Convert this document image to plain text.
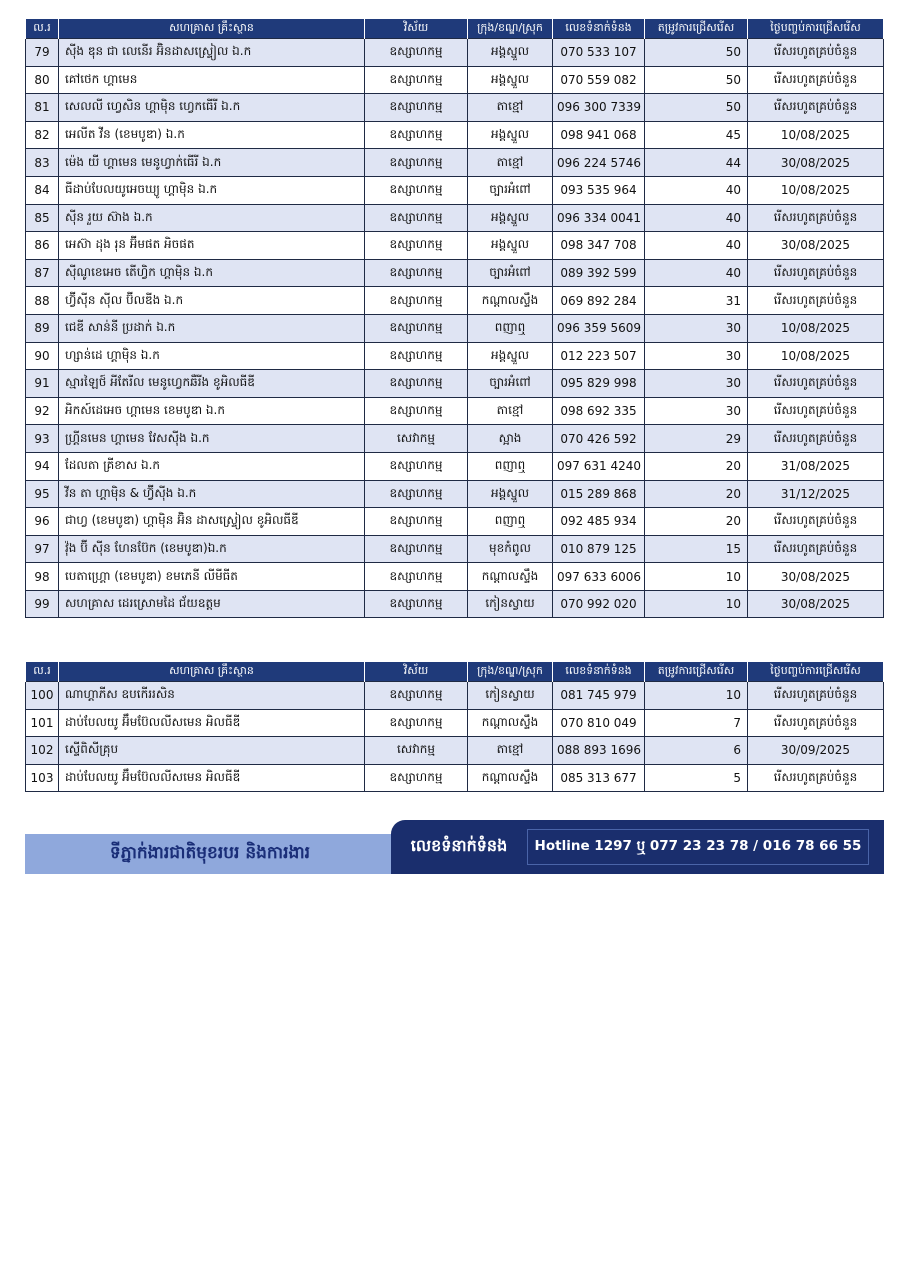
ល.រ	សហគ្រាស គ្រឹះស្ថាន	វិស័យ	ក្រុង/ខណ្ឌ/ស្រុក	លេខទំនាក់ទំនង	តម្រូវការជ្រើសរើស	ថ្ងៃបញ្ចប់ការជ្រើសរើស
79	ស៊ីង ឌុន ជា លេនើរ អ៊ិនដាសស្ទ្រៀល ឯ.ក	ឧស្សាហកម្ម	អង្គស្នួល	070 533 107	50	រើសរហូតគ្រប់ចំនួន
80	គៅថេក ហ្គាមេន	ឧស្សាហកម្ម	អង្គស្នួល	070 559 082	50	រើសរហូតគ្រប់ចំនួន
81	សេលលី ហ្វេសិន ហ្គាម៉ិន ហ្វេកធើរី ឯ.ក	ឧស្សាហកម្ម	តាខ្មៅ	096 300 7339	50	រើសរហូតគ្រប់ចំនួន
82	អេលីត វីន (ខេមបូឌា) ឯ.ក	ឧស្សាហកម្ម	អង្គស្នួល	098 941 068	45	10/08/2025
83	ម៉េង យី ហ្គាមេន មេនូហ្វាក់ធើរី ឯ.ក	ឧស្សាហកម្ម	តាខ្មៅ	096 224 5746	44	30/08/2025
84	ធីដាប់បែលយូអេចឃ្យូ ហ្គាម៉ិន ឯ.ក	ឧស្សាហកម្ម	ច្បារអំពៅ	093 535 964	40	10/08/2025
85	ស៊ីន រួយ ស៊ាង ឯ.ក	ឧស្សាហកម្ម	អង្គស្នួល	096 334 0041	40	រើសរហូតគ្រប់ចំនួន
86	អេស៊ា ដុង រុន អ៊ីមផត អិចផត	ឧស្សាហកម្ម	អង្គស្នួល	098 347 708	40	30/08/2025
87	ស៊ីណូខេអេច តើហ្វិក ហ្គាម៉ិន ឯ.ក	ឧស្សាហកម្ម	ច្បារអំពៅ	089 392 599	40	រើសរហូតគ្រប់ចំនួន
88	ហ្វ៊ីស៊ីន ស៊ីល ប៊ីលឌីង ឯ.ក	ឧស្សាហកម្ម	កណ្ដាលស្ទឹង	069 892 284	31	រើសរហូតគ្រប់ចំនួន
89	ជេឌី សាន់នី ប្រដាក់ ឯ.ក	ឧស្សាហកម្ម	ពញាឮ	096 359 5609	30	10/08/2025
90	ហ្សាន់ដេ ហ្គាម៉ិន ឯ.ក	ឧស្សាហកម្ម	អង្គស្នួល	012 223 507	30	10/08/2025
91	ស្មារឡៃថ៍ អីតែរីល មេនូហ្វេកឆឺរីង ខូអិលធីឌី	ឧស្សាហកម្ម	ច្បារអំពៅ	095 829 998	30	រើសរហូតគ្រប់ចំនួន
92	អិកស៍ដេអេច ហ្គាមេន ខេមបូឌា ឯ.ក	ឧស្សាហកម្ម	តាខ្មៅ	098 692 335	30	រើសរហូតគ្រប់ចំនួន
93	ហ្គ្រីនមេន ហ្គាមេន វែសស៊ីង ឯ.ក	សេវាកម្ម	ស្អាង	070 426 592	29	រើសរហូតគ្រប់ចំនួន
94	ដែលតា គ្រីខាស ឯ.ក	ឧស្សាហកម្ម	ពញាឮ	097 631 4240	20	31/08/2025
95	វីន តា ហ្គាម៉ិន & ហ្វ៊ីស៊ីង ឯ.ក	ឧស្សាហកម្ម	អង្គស្នួល	015 289 868	20	31/12/2025
96	ជាហ្វ (ខេមបូឌា) ហ្គាម៉ិន អ៊ិន ដាសស្ទ្រៀល ខូអិលធីឌី	ឧស្សាហកម្ម	ពញាឮ	092 485 934	20	រើសរហូតគ្រប់ចំនួន
97	វ៉ុង ប៊ី ស៊ីន ហែនប៊ែក (ខេមបូឌា)ឯ.ក	ឧស្សាហកម្ម	មុខកំពូល	010 879 125	15	រើសរហូតគ្រប់ចំនួន
98	បេតាហ្គ្រោ (ខេមបូឌា) ខមភេនី លីមីធីត	ឧស្សាហកម្ម	កណ្ដាលស្ទឹង	097 633 6006	10	30/08/2025
99	សហគ្រាស ដេរស្រោមដៃ ជ័យឧត្តម	ឧស្សាហកម្ម	កៀនស្វាយ	070 992 020	10	30/08/2025
ល.រ	សហគ្រាស គ្រឹះស្ថាន	វិស័យ	ក្រុង/ខណ្ឌ/ស្រុក	លេខទំនាក់ទំនង	តម្រូវការជ្រើសរើស	ថ្ងៃបញ្ចប់ការជ្រើសរើស
100	ណាហ្គាភីស ឧបកើររសិន	ឧស្សាហកម្ម	កៀនស្វាយ	081 745 979	10	រើសរហូតគ្រប់ចំនួន
101	ដាប់បែលយូ អ៊ឹមប៊ែលលីសមេន អិលធីឌី	ឧស្សាហកម្ម	កណ្ដាលស្ទឹង	070 810 049	7	រើសរហូតគ្រប់ចំនួន
102	ស្ទើពិសីគ្រុប	សេវាកម្ម	តាខ្មៅ	088 893 1696	6	30/09/2025
103	ដាប់បែលយូ អ៊ឹមប៊ែលលីសមេន អិលធីឌី	ឧស្សាហកម្ម	កណ្ដាលស្ទឹង	085 313 677	5	រើសរហូតគ្រប់ចំនួន
ទីភ្នាក់ងារជាតិមុខរបរ និងការងារ	លេខទំនាក់ទំនង	Hotline 1297 ឬ 077 23 23 78 / 016 78 66 55
